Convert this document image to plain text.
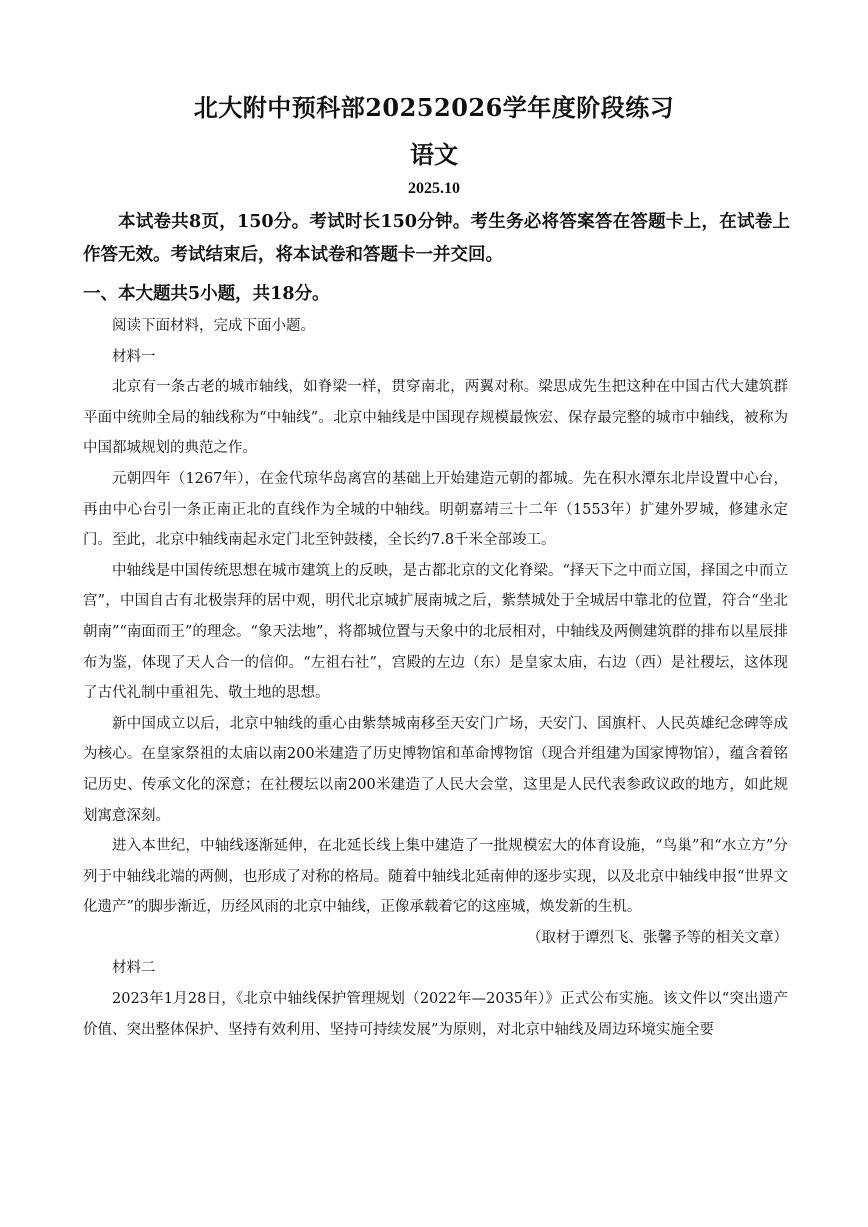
北大附中预科部20252026学年度阶段练习
语文
2025.10
本试卷共8页，150分。考试时长150分钟。考生务必将答案答在答题卡上，在试卷上作答无效。考试结束后，将本试卷和答题卡一并交回。
一、本大题共5小题，共18分。

阅读下面材料，完成下面小题。

材料一

北京有一条古老的城市轴线，如脊梁一样，贯穿南北，两翼对称。梁思成先生把这种在中国古代大建筑群平面中统帅全局的轴线称为“中轴线”。北京中轴线是中国现存规模最恢宏、保存最完整的城市中轴线，被称为中国都城规划的典范之作。

元朝四年（1267年），在金代琼华岛离宫的基础上开始建造元朝的都城。先在积水潭东北岸设置中心台，再由中心台引一条正南正北的直线作为全城的中轴线。明朝嘉靖三十二年（1553年）扩建外罗城，修建永定门。至此，北京中轴线南起永定门北至钟鼓楼，全长约7.8千米全部竣工。

中轴线是中国传统思想在城市建筑上的反映，是古都北京的文化脊梁。“择天下之中而立国，择国之中而立宫”，中国自古有北极崇拜的居中观，明代北京城扩展南城之后，紫禁城处于全城居中靠北的位置，符合“坐北朝南”“南面而王”的理念。“象天法地”，将都城位置与天象中的北辰相对，中轴线及两侧建筑群的排布以星辰排布为鉴，体现了天人合一的信仰。“左祖右社”，宫殿的左边（东）是皇家太庙，右边（西）是社稷坛，这体现了古代礼制中重祖先、敬土地的思想。

新中国成立以后，北京中轴线的重心由紫禁城南移至天安门广场，天安门、国旗杆、人民英雄纪念碑等成为核心。在皇家祭祖的太庙以南200米建造了历史博物馆和革命博物馆（现合并组建为国家博物馆），蕴含着铭记历史、传承文化的深意；在社稷坛以南200米建造了人民大会堂，这里是人民代表参政议政的地方，如此规划寓意深刻。

进入本世纪，中轴线逐渐延伸，在北延长线上集中建造了一批规模宏大的体育设施，“鸟巢”和“水立方”分列于中轴线北端的两侧，也形成了对称的格局。随着中轴线北延南伸的逐步实现，以及北京中轴线申报“世界文化遗产”的脚步渐近，历经风雨的北京中轴线，正像承载着它的这座城，焕发新的生机。

（取材于谭烈飞、张馨予等的相关文章）

材料二

2023年1月28日，《北京中轴线保护管理规划（2022年—2035年）》正式公布实施。该文件以“突出遗产价值、突出整体保护、坚持有效利用、坚持可持续发展”为原则，对北京中轴线及周边环境实施全要
